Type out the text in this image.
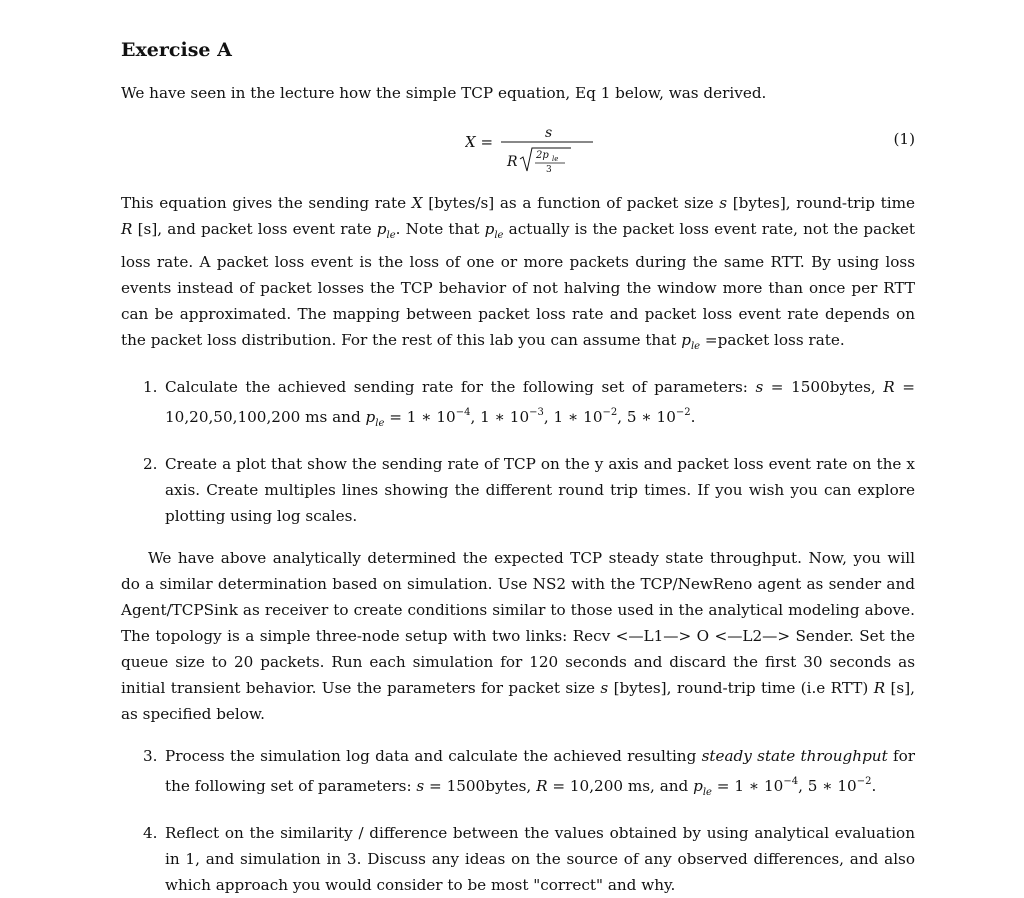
Exercise A

We have seen in the lecture how the simple TCP equation, Eq 1 below, was derived.

X =	s
R 2p le
3
(1)

This equation gives the sending rate X [bytes/s] as a function of packet size s [bytes], round-trip time R [s], and packet loss event rate $p_{le}$. Note that $p_{le}$ actually is the packet loss event rate, not the packet loss rate. A packet loss event is the loss of one or more packets during the same RTT. By using loss events instead of packet losses the TCP behavior of not halving the window more than once per RTT can be approximated. The mapping between packet loss rate and packet loss event rate depends on the packet loss distribution. For the rest of this lab you can assume that $p_{le}$ =packet loss rate.

1. Calculate the achieved sending rate for the following set of parameters: s = 1500bytes, R = 10,20,50,100,200 ms and $p_{le} = 1$ ∗ $10^{-4}$, 1 ∗ $10^{-3}$, 1 ∗ $10^{-2}$, 5 ∗ $10^{-2}$.
2. Create a plot that show the sending rate of TCP on the y axis and packet loss event rate on the x axis. Create multiples lines showing the different round trip times. If you wish you can explore plotting using log scales.

We have above analytically determined the expected TCP steady state throughput. Now, you will do a similar determination based on simulation. Use NS2 with the TCP/NewReno agent as sender and Agent/TCPSink as receiver to create conditions similar to those used in the analytical modeling above. The topology is a simple three-node setup with two links: Recv <—L1—> O <—L2—> Sender. Set the queue size to 20 packets. Run each simulation for 120 seconds and discard the first 30 seconds as initial transient behavior. Use the parameters for packet size s [bytes], round-trip time (i.e RTT) R [s], as specified below.

3. Process the simulation log data and calculate the achieved resulting steady state throughput for the following set of parameters: s = 1500bytes, R = 10,200 ms, and $p_{le} = 1$ ∗ $10^{-4}$, 5 ∗ $10^{-2}$.
4. Reflect on the similarity / difference between the values obtained by using analytical evaluation in 1, and simulation in 3. Discuss any ideas on the source of any observed differences, and also which approach you would consider to be most "correct" and why.
